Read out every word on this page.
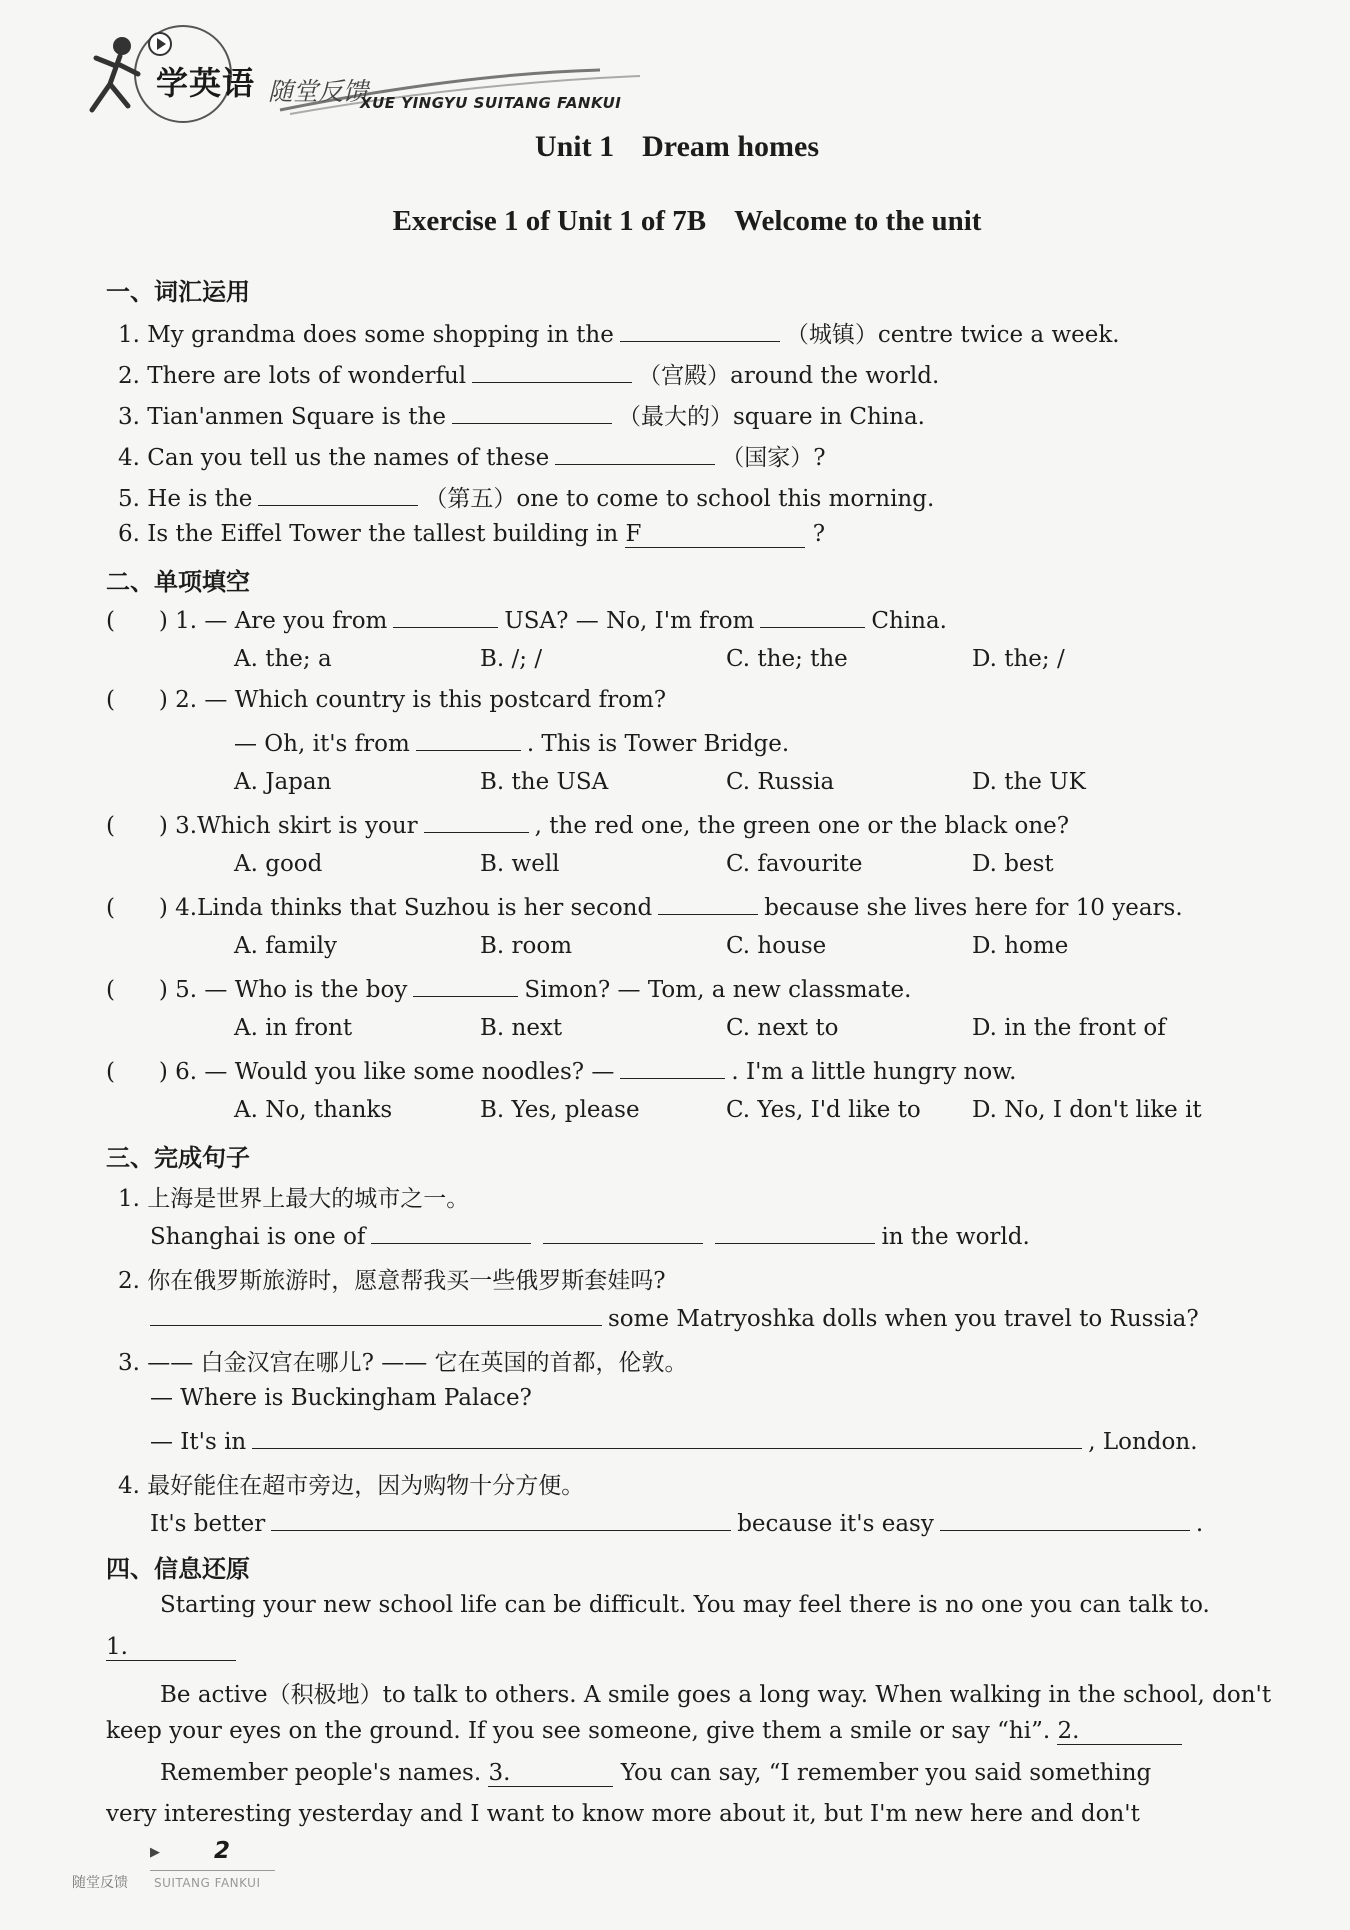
学英语 随堂反馈
XUE YINGYU SUITANG FANKUI
Unit 1 Dream homes
Exercise 1 of Unit 1 of 7B Welcome to the unit
一、词汇运用
1. My grandma does some shopping in the	（城镇）centre twice a week.
2. There are lots of wonderful	（宫殿）around the world.
3. Tian'anmen Square is the	（最大的）square in China.
4. Can you tell us the names of these	（国家）?
5. He is the	（第五）one to come to school this morning.
6. Is the Eiffel Tower the tallest building in F	?
二、单项填空
(      ) 1. — Are you from	USA? — No, I'm from	China.
A. the; a	B. /; /	C. the; the	D. the; /
(      ) 2. — Which country is this postcard from?
— Oh, it's from	. This is Tower Bridge.
A. Japan	B. the USA	C. Russia	D. the UK
(      ) 3.Which skirt is your	, the red one, the green one or the black one?
A. good	B. well	C. favourite	D. best
(      ) 4.Linda thinks that Suzhou is her second	because she lives here for 10 years.
A. family	B. room	C. house	D. home
(      ) 5. — Who is the boy	Simon? — Tom, a new classmate.
A. in front	B. next	C. next to	D. in the front of
(      ) 6. — Would you like some noodles? —	. I'm a little hungry now.
A. No, thanks	B. Yes, please	C. Yes, I'd like to D. No, I don't like it
三、完成句子
1. 上海是世界上最大的城市之一。
Shanghai is one of	in the world.
2. 你在俄罗斯旅游时，愿意帮我买一些俄罗斯套娃吗?
some Matryoshka dolls when you travel to Russia?
3. —— 白金汉宫在哪儿? —— 它在英国的首都，伦敦。
— Where is Buckingham Palace?
— It's in	, London.
4. 最好能住在超市旁边，因为购物十分方便。
It's better	because it's easy	.
四、信息还原
Starting your new school life can be difficult. You may feel there is no one you can talk to.
1.
Be active（积极地）to talk to others. A smile goes a long way. When walking in the school, don't
keep your eyes on the ground. If you see someone, give them a smile or say “hi”. 2.
Remember people's names. 3.	You can say, “I remember you said something
very interesting yesterday and I want to know more about it, but I'm new here and don't
▶ 2
随堂反馈 SUITANG FANKUI
